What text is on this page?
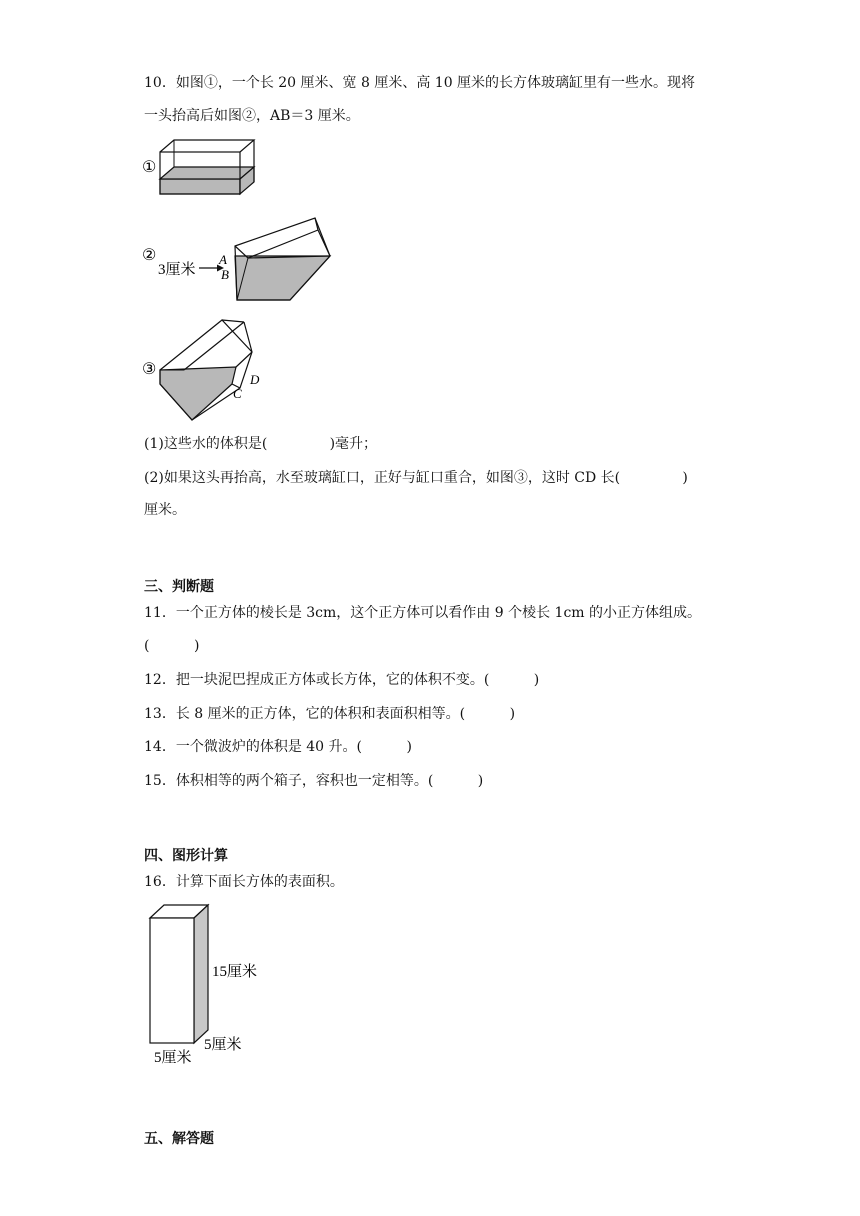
10．如图①，一个长 20 厘米、宽 8 厘米、高 10 厘米的长方体玻璃缸里有一些水。现将
一头抬高后如图②，AB＝3 厘米。
①
②
3厘米
A
B
③
D
C
(1)这些水的体积是(              )毫升；
(2)如果这头再抬高，水至玻璃缸口，正好与缸口重合，如图③，这时 CD 长(              )
厘米。
三、判断题
11．一个正方体的棱长是 3cm，这个正方体可以看作由 9 个棱长 1cm 的小正方体组成。
(          )
12．把一块泥巴捏成正方体或长方体，它的体积不变。(          )
13．长 8 厘米的正方体，它的体积和表面积相等。(          )
14．一个微波炉的体积是 40 升。(          )
15．体积相等的两个箱子，容积也一定相等。(          )
四、图形计算
16．计算下面长方体的表面积。
15厘米
5厘米
5厘米
五、解答题
